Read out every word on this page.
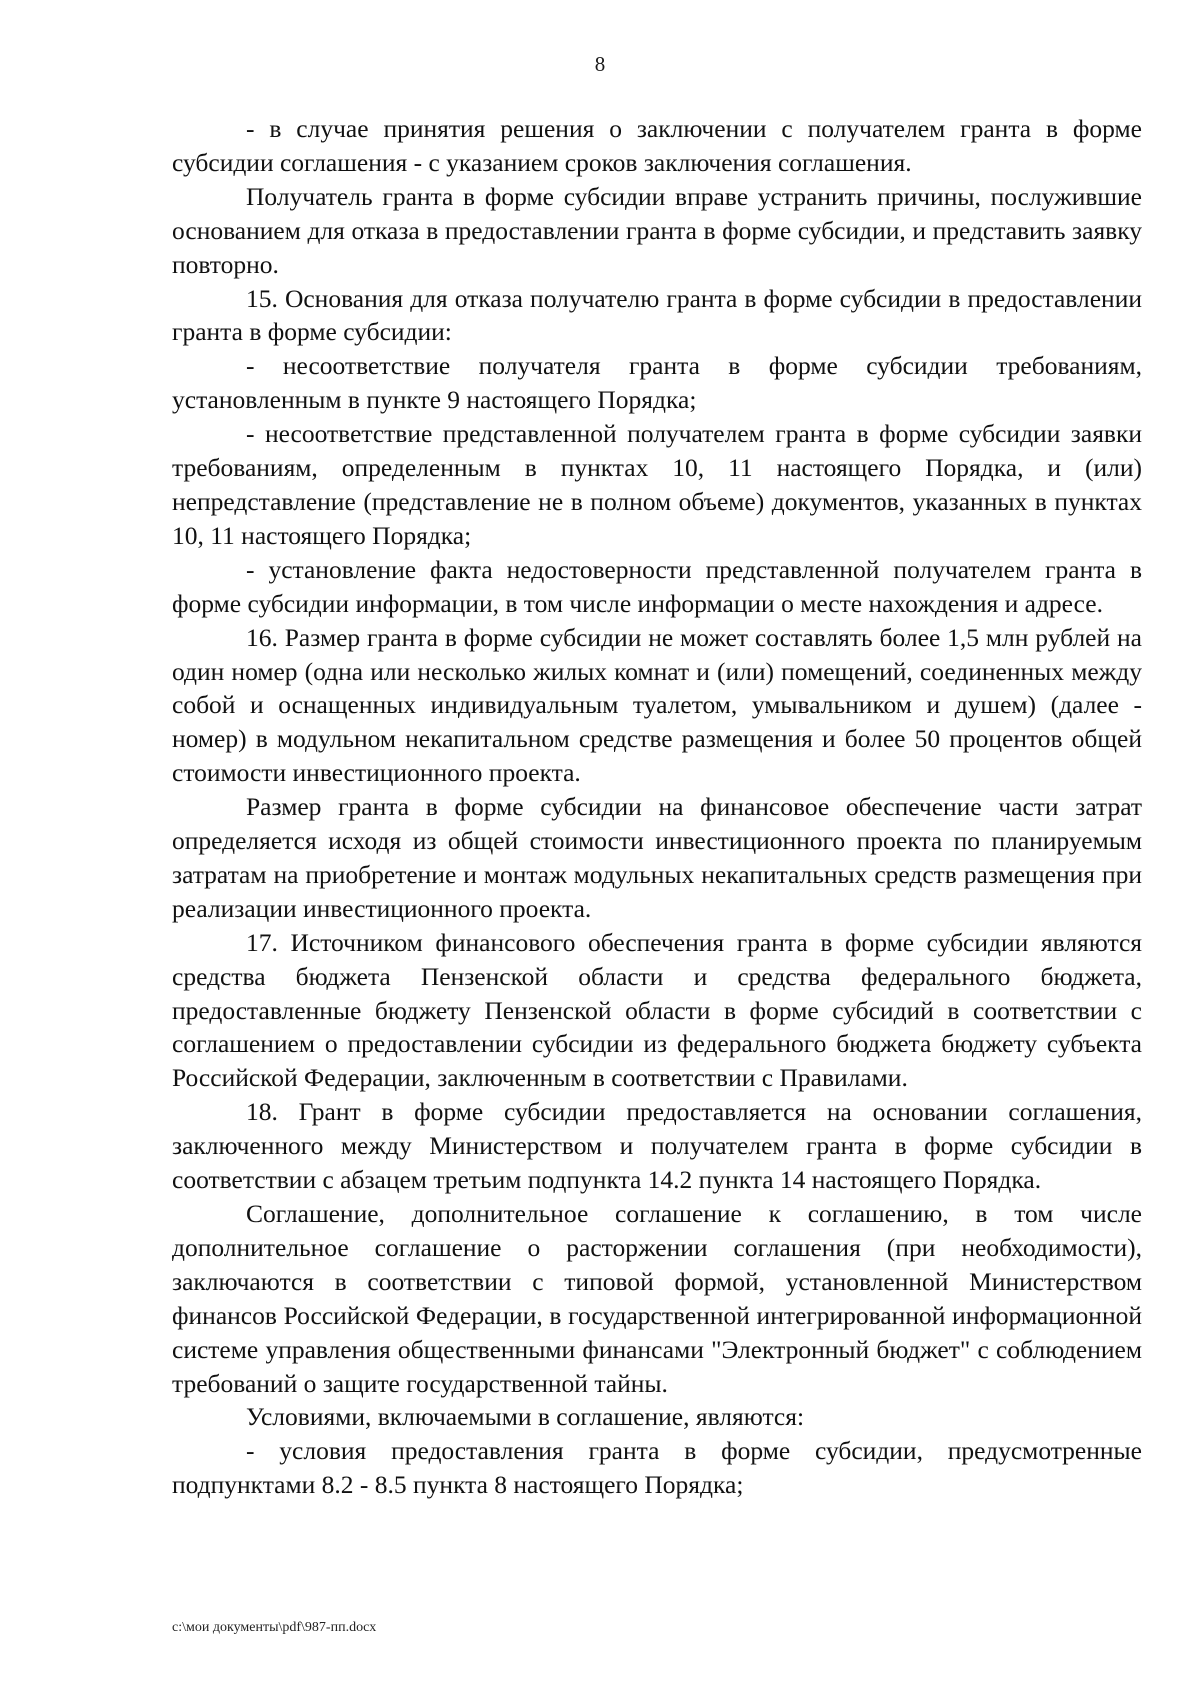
8

- в случае принятия решения о заключении с получателем гранта в форме субсидии соглашения - с указанием сроков заключения соглашения.

Получатель гранта в форме субсидии вправе устранить причины, послужившие основанием для отказа в предоставлении гранта в форме субсидии, и представить заявку повторно.

15. Основания для отказа получателю гранта в форме субсидии в предоставлении гранта в форме субсидии:

- несоответствие получателя гранта в форме субсидии требованиям, установленным в пункте 9 настоящего Порядка;

- несоответствие представленной получателем гранта в форме субсидии заявки требованиям, определенным в пунктах 10, 11 настоящего Порядка, и (или) непредставление (представление не в полном объеме) документов, указанных в пунктах 10, 11 настоящего Порядка;

- установление факта недостоверности представленной получателем гранта в форме субсидии информации, в том числе информации о месте нахождения и адресе.

16. Размер гранта в форме субсидии не может составлять более 1,5 млн рублей на один номер (одна или несколько жилых комнат и (или) помещений, соединенных между собой и оснащенных индивидуальным туалетом, умывальником и душем) (далее - номер) в модульном некапитальном средстве размещения и более 50 процентов общей стоимости инвестиционного проекта.

Размер гранта в форме субсидии на финансовое обеспечение части затрат определяется исходя из общей стоимости инвестиционного проекта по планируемым затратам на приобретение и монтаж модульных некапитальных средств размещения при реализации инвестиционного проекта.

17. Источником финансового обеспечения гранта в форме субсидии являются средства бюджета Пензенской области и средства федерального бюджета, предоставленные бюджету Пензенской области в форме субсидий в соответствии с соглашением о предоставлении субсидии из федерального бюджета бюджету субъекта Российской Федерации, заключенным в соответствии с Правилами.

18. Грант в форме субсидии предоставляется на основании соглашения, заключенного между Министерством и получателем гранта в форме субсидии в соответствии с абзацем третьим подпункта 14.2 пункта 14 настоящего Порядка.

Соглашение, дополнительное соглашение к соглашению, в том числе дополнительное соглашение о расторжении соглашения (при необходимости), заключаются в соответствии с типовой формой, установленной Министерством финансов Российской Федерации, в государственной интегрированной информационной системе управления общественными финансами "Электронный бюджет" с соблюдением требований о защите государственной тайны.

Условиями, включаемыми в соглашение, являются:

- условия предоставления гранта в форме субсидии, предусмотренные подпунктами 8.2 - 8.5 пункта 8 настоящего Порядка;

c:\мои документы\pdf\987-пп.docx
